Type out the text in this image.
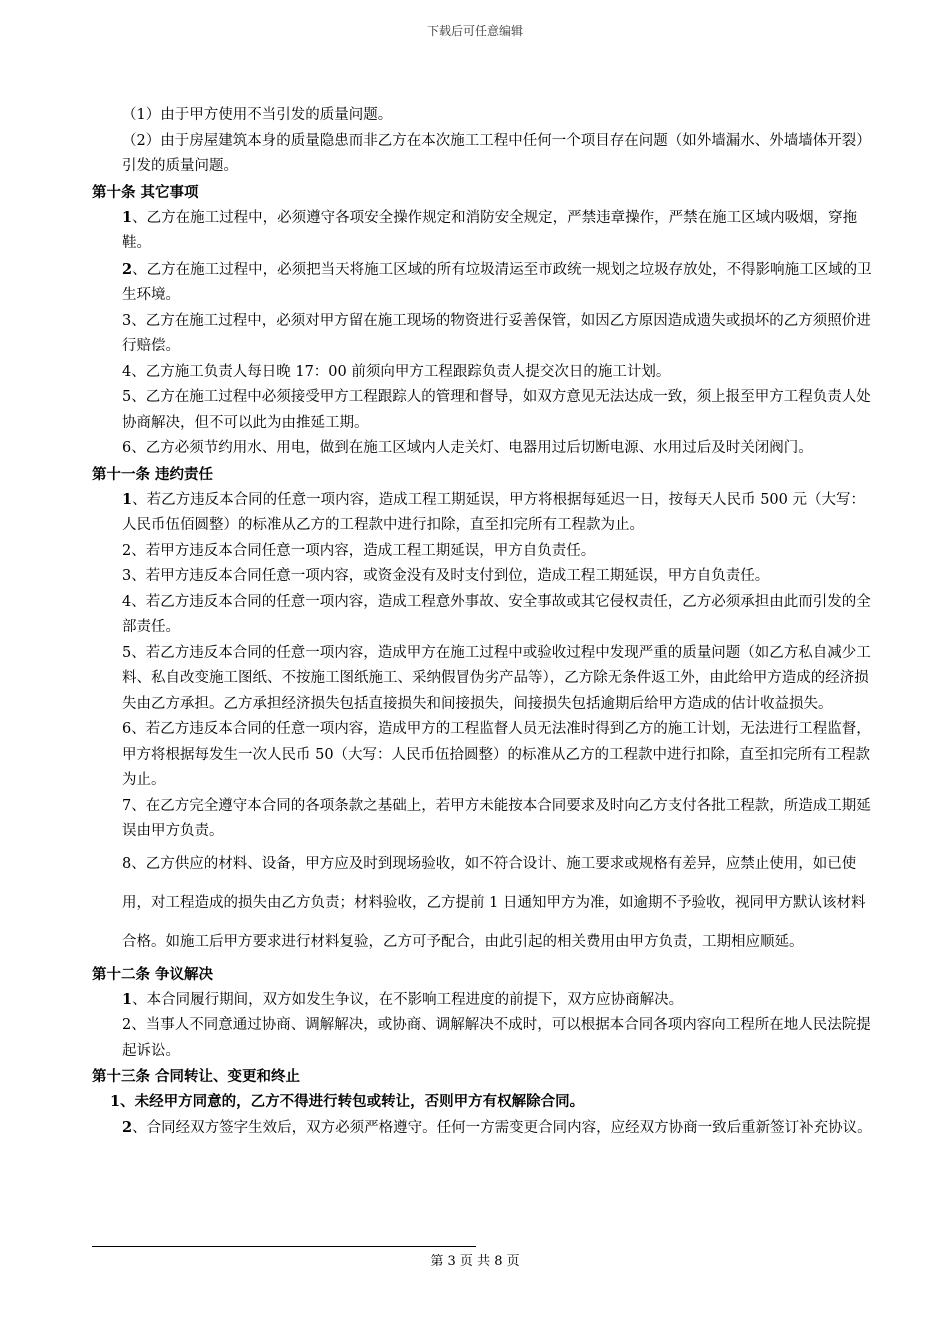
下载后可任意编辑

（1）由于甲方使用不当引发的质量问题。

（2）由于房屋建筑本身的质量隐患而非乙方在本次施工工程中任何一个项目存在问题（如外墙漏水、外墙墙体开裂）引发的质量问题。

第十条 其它事项

1、乙方在施工过程中，必须遵守各项安全操作规定和消防安全规定，严禁违章操作，严禁在施工区域内吸烟，穿拖鞋。

2、乙方在施工过程中，必须把当天将施工区域的所有垃圾清运至市政统一规划之垃圾存放处，不得影响施工区域的卫生环境。

3、乙方在施工过程中，必须对甲方留在施工现场的物资进行妥善保管，如因乙方原因造成遗失或损坏的乙方须照价进行赔偿。

4、乙方施工负责人每日晚 17：00 前须向甲方工程跟踪负责人提交次日的施工计划。

5、乙方在施工过程中必须接受甲方工程跟踪人的管理和督导，如双方意见无法达成一致，须上报至甲方工程负责人处协商解决，但不可以此为由推延工期。

6、乙方必须节约用水、用电，做到在施工区域内人走关灯、电器用过后切断电源、水用过后及时关闭阀门。

第十一条 违约责任

1、若乙方违反本合同的任意一项内容，造成工程工期延误，甲方将根据每延迟一日，按每天人民币 500 元（大写：人民币伍佰圆整）的标准从乙方的工程款中进行扣除，直至扣完所有工程款为止。

2、若甲方违反本合同任意一项内容，造成工程工期延误，甲方自负责任。

3、若甲方违反本合同任意一项内容，或资金没有及时支付到位，造成工程工期延误，甲方自负责任。

4、若乙方违反本合同的任意一项内容，造成工程意外事故、安全事故或其它侵权责任，乙方必须承担由此而引发的全部责任。

5、若乙方违反本合同的任意一项内容，造成甲方在施工过程中或验收过程中发现严重的质量问题（如乙方私自减少工料、私自改变施工图纸、不按施工图纸施工、采纳假冒伪劣产品等），乙方除无条件返工外，由此给甲方造成的经济损失由乙方承担。乙方承担经济损失包括直接损失和间接损失，间接损失包括逾期后给甲方造成的估计收益损失。

6、若乙方违反本合同的任意一项内容，造成甲方的工程监督人员无法准时得到乙方的施工计划，无法进行工程监督，甲方将根据每发生一次人民币 50（大写：人民币伍拾圆整）的标准从乙方的工程款中进行扣除，直至扣完所有工程款为止。

7、在乙方完全遵守本合同的各项条款之基础上，若甲方未能按本合同要求及时向乙方支付各批工程款，所造成工期延误由甲方负责。

8、乙方供应的材料、设备，甲方应及时到现场验收，如不符合设计、施工要求或规格有差异，应禁止使用，如已使用，对工程造成的损失由乙方负责；材料验收，乙方提前 1 日通知甲方为准，如逾期不予验收，视同甲方默认该材料合格。如施工后甲方要求进行材料复验，乙方可予配合，由此引起的相关费用由甲方负责，工期相应顺延。

第十二条 争议解决

1、本合同履行期间，双方如发生争议，在不影响工程进度的前提下，双方应协商解决。

2、当事人不同意通过协商、调解解决，或协商、调解解决不成时，可以根据本合同各项内容向工程所在地人民法院提起诉讼。

第十三条 合同转让、变更和终止

1、未经甲方同意的，乙方不得进行转包或转让，否则甲方有权解除合同。

2、合同经双方签字生效后，双方必须严格遵守。任何一方需变更合同内容，应经双方协商一致后重新签订补充协议。

第 3 页 共 8 页
